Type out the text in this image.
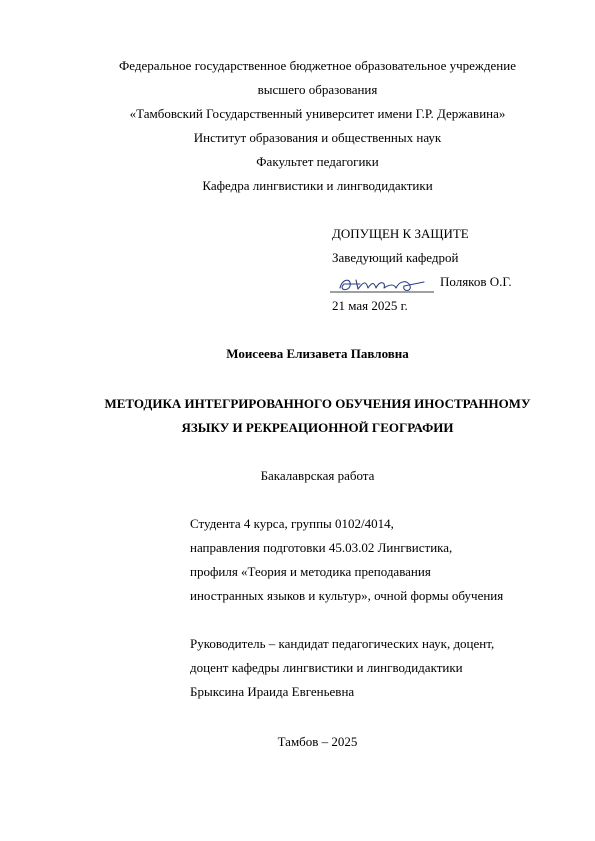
Федеральное государственное бюджетное образовательное учреждение
высшего образования
«Тамбовский Государственный университет имени Г.Р. Державина»
Институт образования и общественных наук
Факультет педагогики
Кафедра лингвистики и лингводидактики
ДОПУЩЕН К ЗАЩИТЕ
Заведующий кафедрой
Поляков О.Г.
21 мая 2025 г.
Моисеева Елизавета Павловна
МЕТОДИКА ИНТЕГРИРОВАННОГО ОБУЧЕНИЯ ИНОСТРАННОМУ
ЯЗЫКУ И РЕКРЕАЦИОННОЙ ГЕОГРАФИИ
Бакалаврская работа
Студента 4 курса, группы 0102/4014,
направления подготовки 45.03.02 Лингвистика,
профиля «Теория и методика преподавания
иностранных языков и культур», очной формы обучения
Руководитель – кандидат педагогических наук, доцент,
доцент кафедры лингвистики и лингводидактики
Брыксина Ираида Евгеньевна
Тамбов – 2025
